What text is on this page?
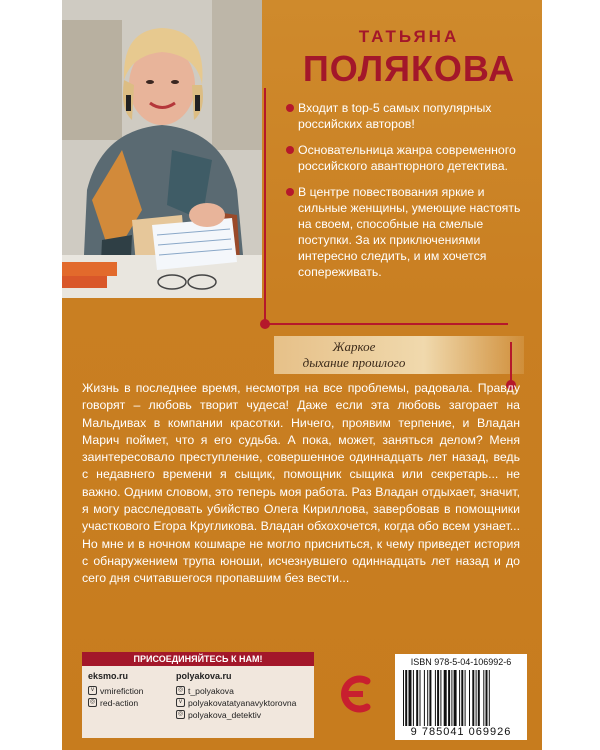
ТАТЬЯНА
ПОЛЯКОВА
Входит в top-5 самых популярных российских авторов!
Основательница жанра современного российского авантюрного детектива.
В центре повествования яркие и сильные женщины, умеющие настоять на своем, способные на смелые поступки. За их приключениями интересно следить, и им хочется сопереживать.
Жаркое
дыхание прошлого
Жизнь в последнее время, несмотря на все проблемы, радовала. Правду говорят – любовь творит чудеса! Даже если эта любовь загорает на Мальдивах в компании красотки. Ничего, проявим терпение, и Владан Марич поймет, что я его судьба. А пока, может, заняться делом? Меня заинтересовало преступление, совершенное одиннадцать лет назад, ведь с недавнего времени я сыщик, помощник сыщика или секретарь... не важно. Одним словом, это теперь моя работа. Раз Владан отдыхает, значит, я могу расследовать убийство Олега Кириллова, завербовав в помощники участкового Егора Кругликова. Владан обхохочется, когда обо всем узнает... Но мне и в ночном кошмаре не могло присниться, к чему приведет история с обнаружением трупа юноши, исчезнувшего одиннадцать лет назад и до сего дня считавшегося пропавшим без вести...
ПРИСОЕДИНЯЙТЕСЬ К НАМ!
eksmo.ru
v vmirefiction
◎ red-action
polyakova.ru
◎ t_polyakova
v polyakovatatyanavyktorovna
◎ polyakova_detektiv
ISBN 978-5-04-106992-6
9 785041 069926
